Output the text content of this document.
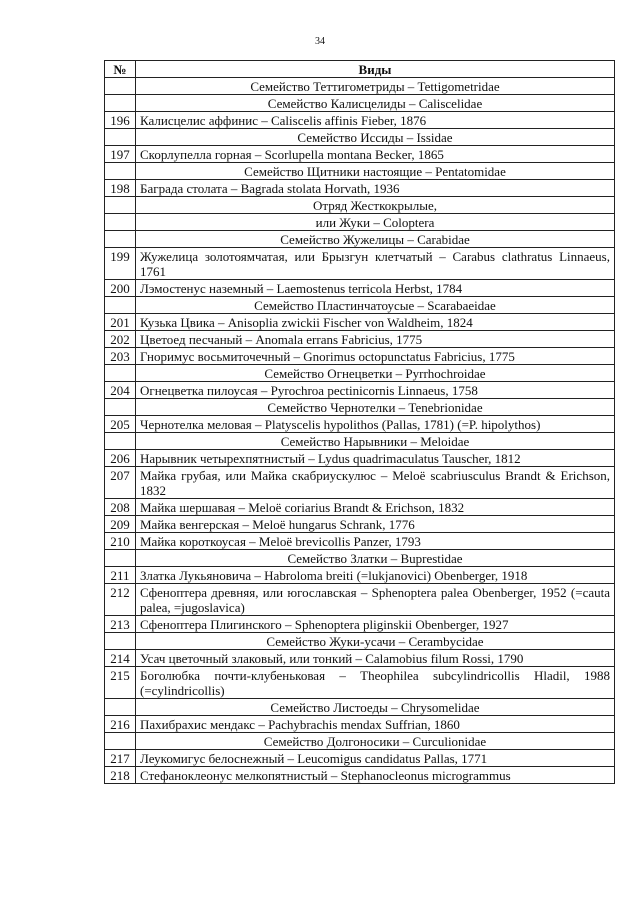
34
№	Виды
	Семейство Теттигометриды – Tettigometridae
	Семейство Калисцелиды – Caliscelidae
196	Калисцелис аффинис – Caliscelis affinis Fieber, 1876
	Семейство Иссиды – Issidae
197	Скорлупелла горная – Scorlupella montana Becker, 1865
	Семейство Щитники настоящие – Pentatomidae
198	Баграда столата – Bagrada stolata Horvath, 1936
	Отряд Жесткокрылые,
	или Жуки – Coloptera
	Семейство Жужелицы – Carabidae
199	Жужелица золотоямчатая, или Брызгун клетчатый – Carabus clathratus Linnaeus, 1761
200	Лэмостенус наземный – Laemostenus terricola Herbst, 1784
	Семейство Пластинчатоусые – Scarabaeidae
201	Кузька Цвика – Anisoplia zwickii Fischer von Waldheim, 1824
202	Цветоед песчаный – Anomala errans Fabricius, 1775
203	Гноримус восьмиточечный – Gnorimus octopunctatus Fabricius, 1775
	Семейство Огнецветки – Pyrrhochroidae
204	Огнецветка пилоусая – Pyrochroa pectinicornis Linnaeus, 1758
	Семейство Чернотелки – Tenebrionidae
205	Чернотелка меловая – Platyscelis hypolithos (Pallas, 1781) (=P. hipolythos)
	Семейство Нарывники – Meloidae
206	Нарывник четырехпятнистый – Lydus quadrimaculatus Tauscher, 1812
207	Майка грубая, или Майка скабриускулюс – Meloë scabriusculus Brandt & Erichson, 1832
208	Майка шершавая – Meloë coriarius Brandt & Erichson, 1832
209	Майка венгерская – Meloë hungarus Schrank, 1776
210	Майка короткоусая – Meloë brevicollis Panzer, 1793
	Семейство Златки – Buprestidae
211	Златка Лукьяновича – Habroloma breiti (=lukjanovici) Obenberger, 1918
212	Сфеноптера древняя, или югославская – Sphenoptera palea Obenberger, 1952 (=cauta palea, =jugoslavica)
213	Сфеноптера Плигинского – Sphenoptera pliginskii Obenberger, 1927
	Семейство Жуки-усачи – Cerambycidae
214	Усач цветочный злаковый, или тонкий – Calamobius filum Rossi, 1790
215	Боголюбка почти-клубеньковая – Theophilea subcylindricollis Hladil, 1988 (=cylindricollis)
	Семейство Листоеды – Chrysomelidae
216	Пахибрахис мендакс – Pachybrachis mendax Suffrian, 1860
	Семейство Долгоносики – Curculionidae
217	Леукомигус белоснежный – Leucomigus candidatus Pallas, 1771
218	Стефаноклеонус мелкопятнистый – Stephanocleonus microgrammus
